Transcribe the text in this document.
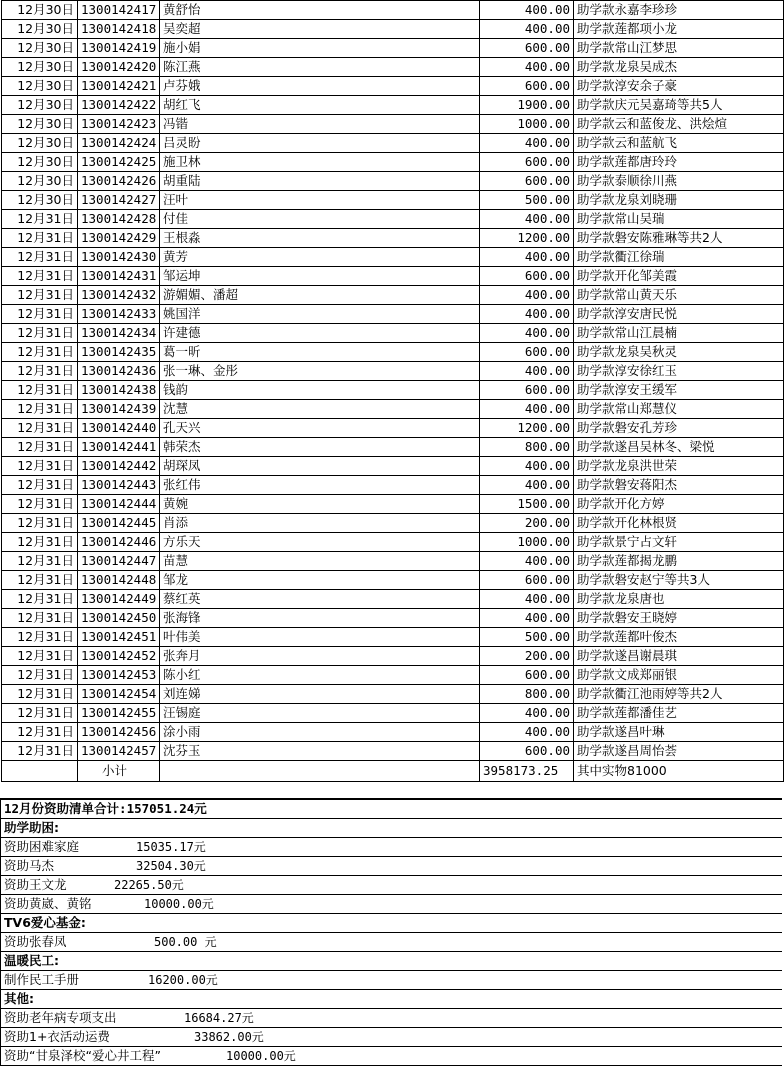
12月30日	1300142417	黄舒怡	400.00	助学款永嘉李珍珍
12月30日	1300142418	吴奕超	400.00	助学款莲都项小龙
12月30日	1300142419	施小娟	600.00	助学款常山江梦思
12月30日	1300142420	陈江燕	400.00	助学款龙泉吴成杰
12月30日	1300142421	卢芬娥	600.00	助学款淳安余子豪
12月30日	1300142422	胡红飞	1900.00	助学款庆元吴嘉琦等共5人
12月30日	1300142423	冯锴	1000.00	助学款云和蓝俊龙、洪烩煊
12月30日	1300142424	吕灵盼	400.00	助学款云和蓝航飞
12月30日	1300142425	施卫林	600.00	助学款莲都唐玲玲
12月30日	1300142426	胡重陆	600.00	助学款泰顺徐川燕
12月30日	1300142427	汪叶	500.00	助学款龙泉刘晓珊
12月31日	1300142428	付佳	400.00	助学款常山吴瑞
12月31日	1300142429	王根淼	1200.00	助学款磐安陈雅琳等共2人
12月31日	1300142430	黄芳	400.00	助学款衢江徐瑞
12月31日	1300142431	邹运坤	600.00	助学款开化邹美霞
12月31日	1300142432	游媚媚、潘超	400.00	助学款常山黄天乐
12月31日	1300142433	姚国洋	400.00	助学款淳安唐民悦
12月31日	1300142434	许建德	400.00	助学款常山江晨楠
12月31日	1300142435	葛一昕	600.00	助学款龙泉吴秋灵
12月31日	1300142436	张一琳、金彤	400.00	助学款淳安徐红玉
12月31日	1300142438	钱韵	600.00	助学款淳安王缓军
12月31日	1300142439	沈慧	400.00	助学款常山郑慧仪
12月31日	1300142440	孔天兴	1200.00	助学款磐安孔芳珍
12月31日	1300142441	韩荣杰	800.00	助学款遂昌吴林冬、梁悦
12月31日	1300142442	胡琛凤	400.00	助学款龙泉洪世荣
12月31日	1300142443	张红伟	400.00	助学款磐安蒋阳杰
12月31日	1300142444	黄婉	1500.00	助学款开化方婷
12月31日	1300142445	肖添	200.00	助学款开化林根贤
12月31日	1300142446	方乐天	1000.00	助学款景宁占文轩
12月31日	1300142447	苗慧	400.00	助学款莲都揭龙鹏
12月31日	1300142448	邹龙	600.00	助学款磐安赵宁等共3人
12月31日	1300142449	蔡红英	400.00	助学款龙泉唐也
12月31日	1300142450	张海锋	400.00	助学款磐安王晓婷
12月31日	1300142451	叶伟美	500.00	助学款莲都叶俊杰
12月31日	1300142452	张奔月	200.00	助学款遂昌谢晨琪
12月31日	1300142453	陈小红	600.00	助学款文成郑丽银
12月31日	1300142454	刘连娣	800.00	助学款衢江池雨婷等共2人
12月31日	1300142455	汪锡庭	400.00	助学款莲都潘佳艺
12月31日	1300142456	涂小雨	400.00	助学款遂昌叶琳
12月31日	1300142457	沈芬玉	600.00	助学款遂昌周怡荟
	小计		3958173.25	其中实物81000
12月份资助清单合计:157051.24元
助学助困:
资助困难家庭	15035.17元
资助马杰	32504.30元
资助王文龙	22265.50元
资助黄崴、黄铭	10000.00元
TV6爱心基金:
资助张春凤	500.00 元
温暖民工:
制作民工手册	16200.00元
其他:
资助老年病专项支出	16684.27元
资助1+衣活动运费	33862.00元
资助“甘泉泽校“爱心井工程”	10000.00元
